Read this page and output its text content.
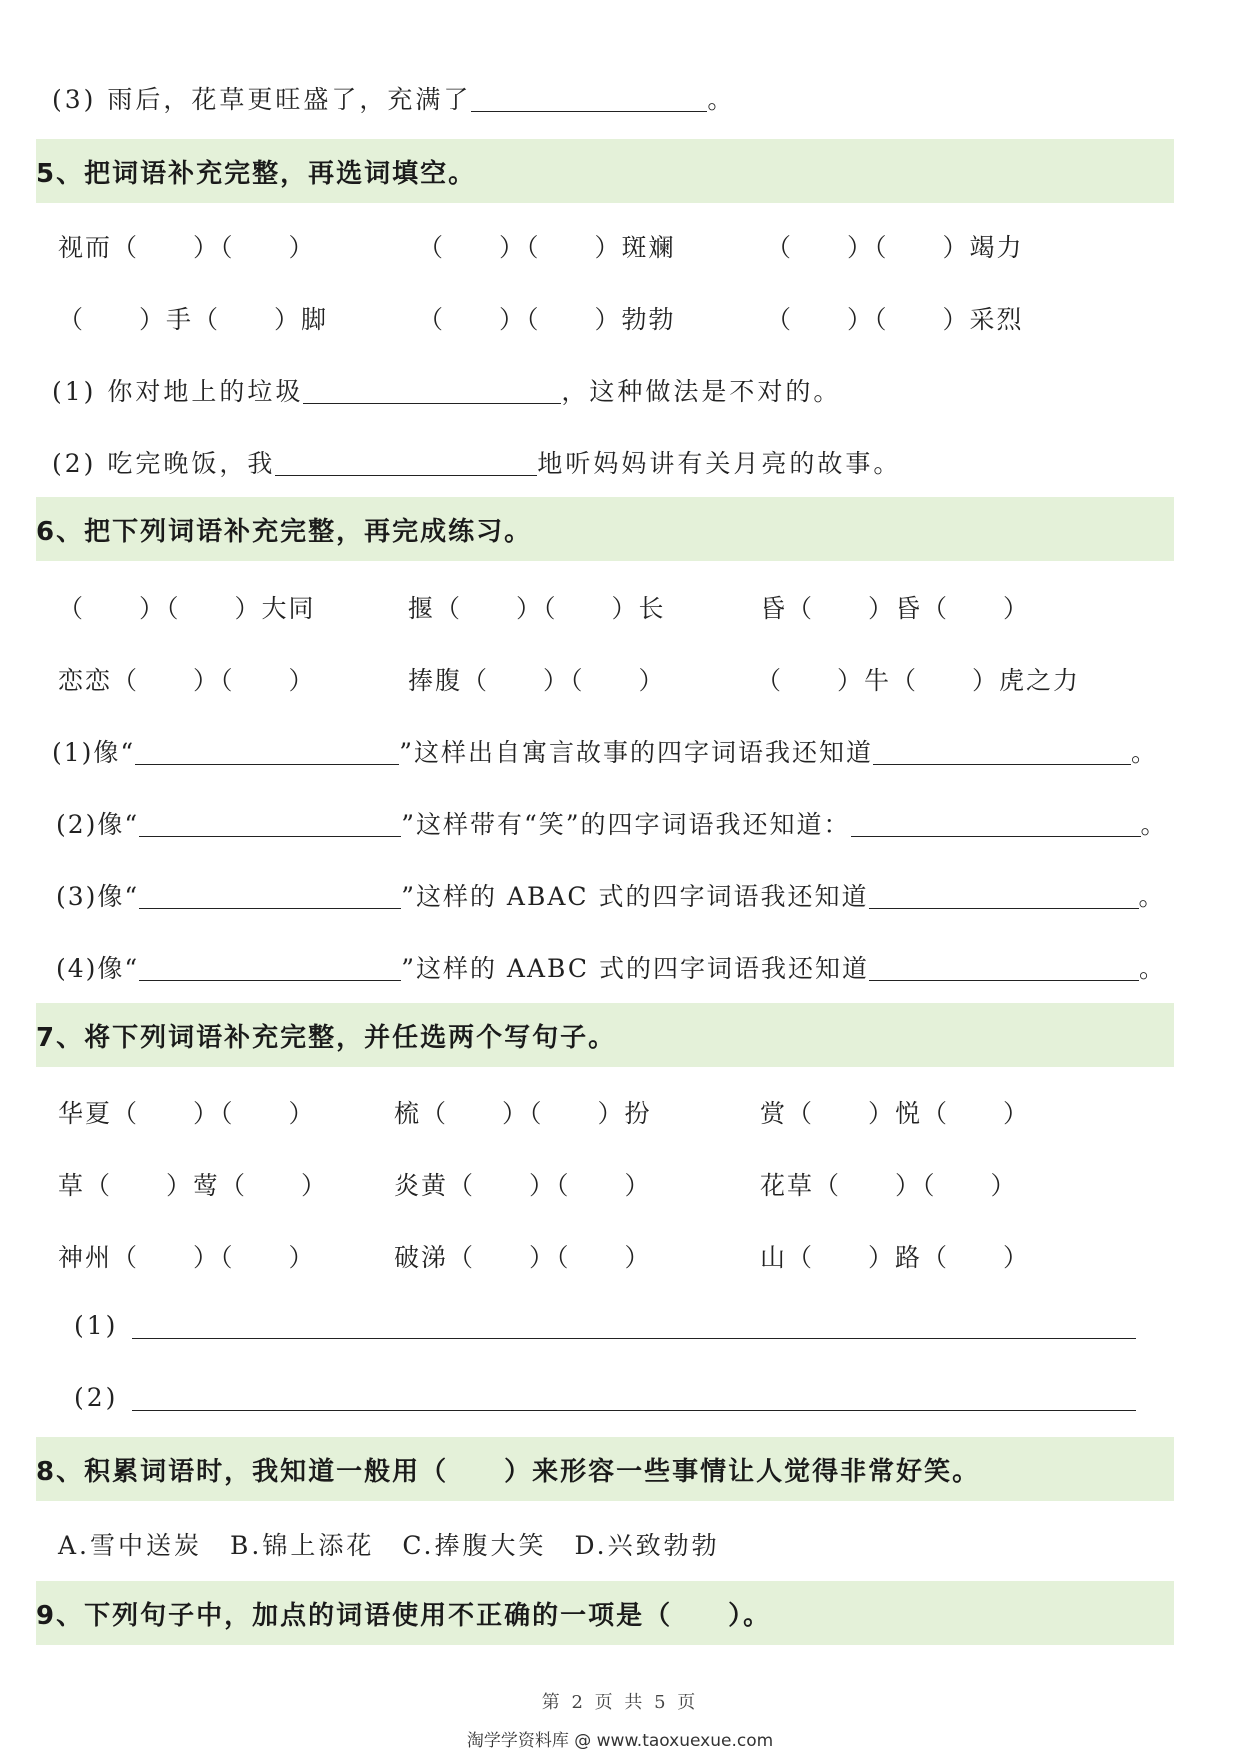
(3) 雨后，花草更旺盛了，充满了	。
5、把词语补充完整，再选词填空。
视而（　　）（　　）	（　　）（　　）斑斓	（　　）（　　）竭力
（　　）手（　　）脚	（　　）（　　）勃勃	（　　）（　　）采烈
(1) 你对地上的垃圾	，这种做法是不对的。
(2) 吃完晚饭，我	地听妈妈讲有关月亮的故事。
6、把下列词语补充完整，再完成练习。
（　　）（　　）大同	揠（　　）（　　）长	昏（　　）昏（　　）
恋恋（　　）（　　）	捧腹（　　）（　　）	（　　）牛（　　）虎之力
(1)像“	”这样出自寓言故事的四字词语我还知道	。
(2)像“	”这样带有“笑”的四字词语我还知道：	。
(3)像“	”这样的 ABAC 式的四字词语我还知道	。
(4)像“	”这样的 AABC 式的四字词语我还知道	。
7、将下列词语补充完整，并任选两个写句子。
华夏（　　）（　　）	梳（　　）（　　）扮	赏（　　）悦（　　）
草（　　）莺（　　）	炎黄（　　）（　　）	花草（　　）（　　）
神州（　　）（　　）	破涕（　　）（　　）	山（　　）路（　　）
(1)
(2)
8、积累词语时，我知道一般用（　　）来形容一些事情让人觉得非常好笑。
A.雪中送炭　B.锦上添花　C.捧腹大笑　D.兴致勃勃
9、下列句子中，加点的词语使用不正确的一项是（　　）。
第 2 页 共 5 页
淘学学资料库 @ www.taoxuexue.com
